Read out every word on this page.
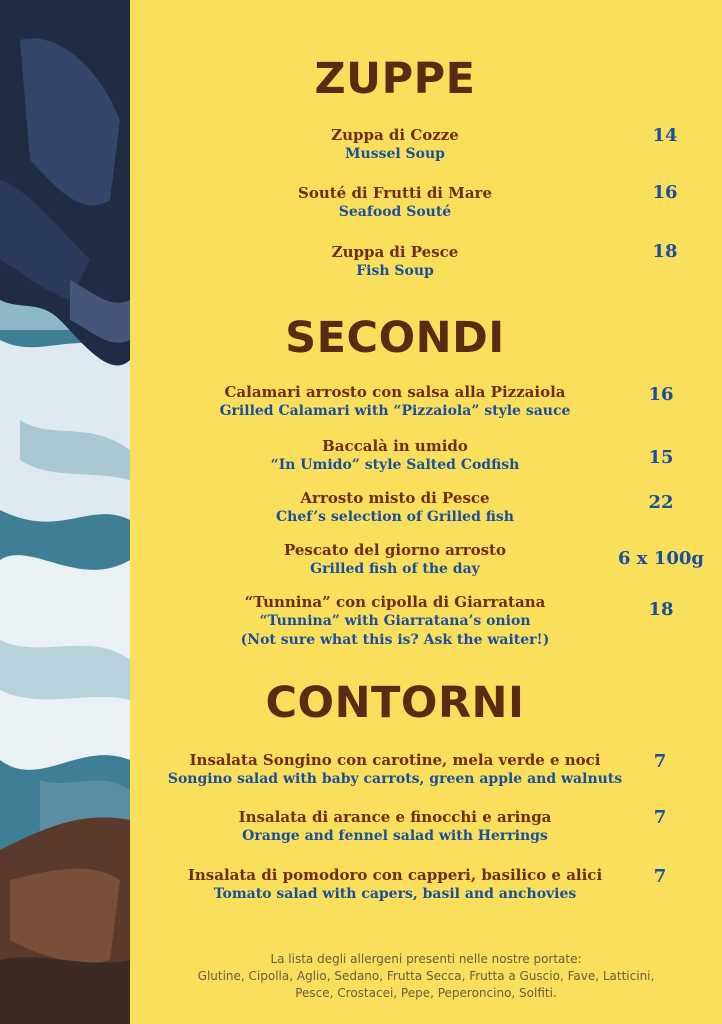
ZUPPE
Zuppa di Cozze
Mussel Soup
14
Souté di Frutti di Mare
Seafood Souté
16
Zuppa di Pesce
Fish Soup
18
SECONDI
Calamari arrosto con salsa alla Pizzaiola
Grilled Calamari with “Pizzaiola” style sauce
16
Baccalà in umido
“In Umido” style Salted Codfish	15
Arrosto misto di Pesce
Chef’s selection of Grilled fish
22
Pescato del giorno arrosto
Grilled fish of the day	6 x 100g
“Tunnina” con cipolla di Giarratana
“Tunnina” with Giarratana’s onion
(Not sure what this is? Ask the waiter!)
18
CONTORNI
Insalata Songino con carotine, mela verde e noci
Songino salad with baby carrots, green apple and walnuts
7
Insalata di arance e finocchi e aringa
Orange and fennel salad with Herrings
7
Insalata di pomodoro con capperi, basilico e alici
Tomato salad with capers, basil and anchovies
7
La lista degli allergeni presenti nelle nostre portate:
Glutine, Cipolla, Aglio, Sedano, Frutta Secca, Frutta a Guscio, Fave, Latticini,
Pesce, Crostacei, Pepe, Peperoncino, Solfiti.
